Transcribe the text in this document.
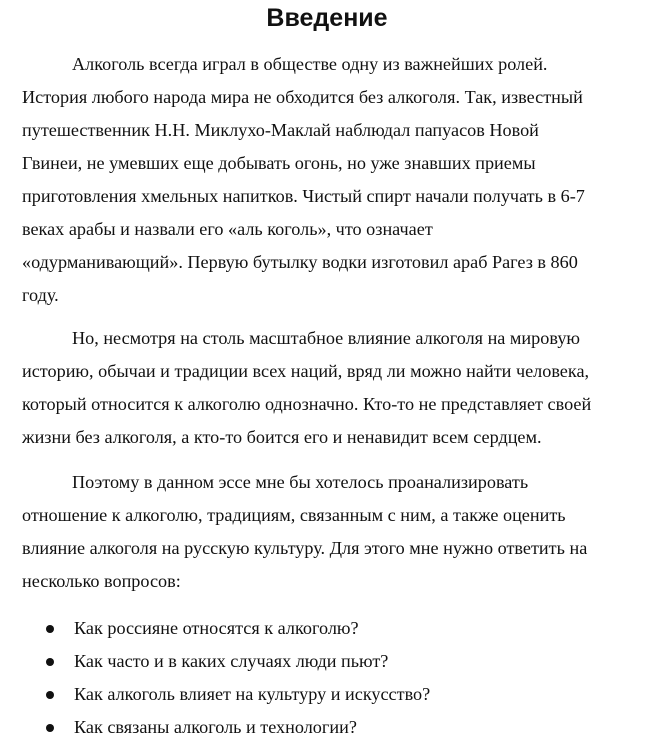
Введение

Алкоголь всегда играл в обществе одну из важнейших ролей.
История любого народа мира не обходится без алкоголя. Так, известный
путешественник Н.Н. Миклухо-Маклай наблюдал папуасов Новой
Гвинеи, не умевших еще добывать огонь, но уже знавших приемы
приготовления хмельных напитков. Чистый спирт начали получать в 6-7
веках арабы и назвали его «аль коголь», что означает
«одурманивающий». Первую бутылку водки изготовил араб Рагез в 860
году.

Но, несмотря на столь масштабное влияние алкоголя на мировую
историю, обычаи и традиции всех наций, вряд ли можно найти человека,
который относится к алкоголю однозначно. Кто-то не представляет своей
жизни без алкоголя, а кто-то боится его и ненавидит всем сердцем.

Поэтому в данном эссе мне бы хотелось проанализировать
отношение к алкоголю, традициям, связанным с ним, а также оценить
влияние алкоголя на русскую культуру. Для этого мне нужно ответить на
несколько вопросов:

Как россияне относятся к алкоголю?
Как часто и в каких случаях люди пьют?
Как алкоголь влияет на культуру и искусство?
Как связаны алкоголь и технологии?
